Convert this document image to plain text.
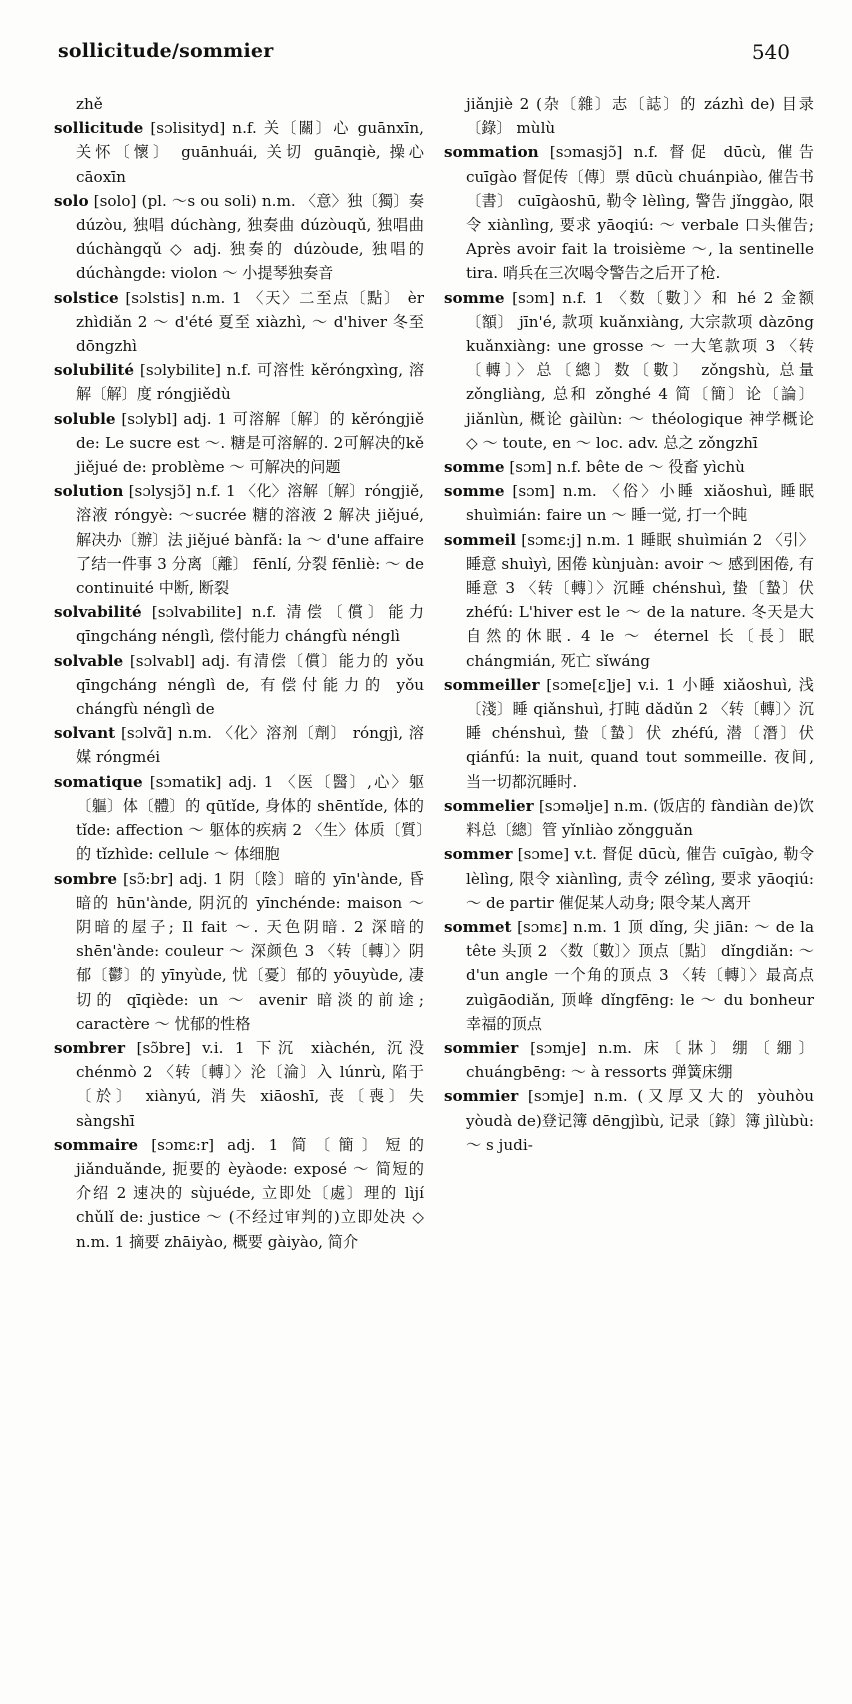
sollicitude/sommier	540

zhě

sollicitude [sɔlisityd] n.f. 关〔關〕心 guānxīn, 关怀〔懷〕 guānhuái, 关切 guānqiè, 操心 cāoxīn

solo [solo] (pl. ～s ou soli) n.m. 〈意〉独〔獨〕奏 dúzòu, 独唱 dúchàng, 独奏曲 dúzòuqǔ, 独唱曲 dúchàngqǔ ◇ adj. 独奏的 dúzòude, 独唱的 dúchàngde: violon ～ 小提琴独奏音

solstice [sɔlstis] n.m. 1 〈天〉二至点〔點〕 èr zhìdiǎn 2 ～ d'été 夏至 xiàzhì, ～ d'hiver 冬至 dōngzhì

solubilité [sɔlybilite] n.f. 可溶性 kěróngxìng, 溶解〔解〕度 róngjiědù

soluble [sɔlybl] adj. 1 可溶解〔解〕的 kěróngjiě de: Le sucre est ～. 糖是可溶解的. 2可解决的kě jiějué de: problème ～ 可解决的问题

solution [sɔlysjɔ̃] n.f. 1 〈化〉溶解〔解〕róngjiě, 溶液 róngyè: ～sucrée 糖的溶液 2 解决 jiějué, 解决办〔辦〕法 jiějué bànfǎ: la ～ d'une affaire 了结一件事 3 分离〔離〕 fēnlí, 分裂 fēnliè: ～ de continuité 中断, 断裂

solvabilité [sɔlvabilite] n.f. 清偿〔償〕能力 qīngcháng nénglì, 偿付能力 chángfù nénglì

solvable [sɔlvabl] adj. 有清偿〔償〕能力的 yǒu qīngcháng nénglì de, 有偿付能力的 yǒu chángfù nénglì de

solvant [sɔlvɑ̃] n.m. 〈化〉溶剂〔劑〕 róngjì, 溶媒 róngméi

somatique [sɔmatik] adj. 1 〈医〔醫〕,心〉躯〔軀〕体〔體〕的 qūtǐde, 身体的 shēntǐde, 体的 tǐde: affection ～ 躯体的疾病 2 〈生〉体质〔質〕的 tǐzhìde: cellule ～ 体细胞

sombre [sɔ̃:br] adj. 1 阴〔陰〕暗的 yīn'ànde, 昏暗的 hūn'ànde, 阴沉的 yīnchénde: maison ～ 阴暗的屋子; Il fait ～. 天色阴暗. 2 深暗的 shēn'ànde: couleur ～ 深颜色 3 〈转〔轉〕〉阴郁〔鬱〕的 yīnyùde, 忧〔憂〕郁的 yōuyùde, 凄切的 qīqiède: un ～ avenir 暗淡的前途; caractère ～ 忧郁的性格

sombrer [sɔ̃bre] v.i. 1 下沉 xiàchén, 沉没 chénmò 2 〈转〔轉〕〉沦〔淪〕入 lúnrù, 陷于〔於〕 xiànyú, 消失 xiāoshī, 丧〔喪〕失 sàngshī

sommaire [sɔmɛ:r] adj. 1 简〔簡〕短的 jiǎnduǎnde, 扼要的 èyàode: exposé ～ 简短的介绍 2 速决的 sùjuéde, 立即处〔處〕理的 lìjí chǔlǐ de: justice ～ (不经过审判的)立即处决 ◇ n.m. 1 摘要 zhāiyào, 概要 gàiyào, 简介

jiǎnjiè 2 (杂〔雜〕志〔誌〕的 zázhì de) 目录〔錄〕 mùlù

sommation [sɔmasjɔ̃] n.f. 督促 dūcù, 催告 cuīgào 督促传〔傳〕票 dūcù chuánpiào, 催告书〔書〕 cuīgàoshū, 勒令 lèlìng, 警告 jǐnggào, 限令 xiànlìng, 要求 yāoqiú: ～ verbale 口头催告; Après avoir fait la troisième ～, la sentinelle tira. 哨兵在三次喝令警告之后开了枪.

somme [sɔm] n.f. 1 〈数〔數〕〉和 hé 2 金额〔額〕 jīn'é, 款项 kuǎnxiàng, 大宗款项 dàzōng kuǎnxiàng: une grosse ～ 一大笔款项 3 〈转〔轉〕〉总〔總〕数〔數〕 zǒngshù, 总量 zǒngliàng, 总和 zǒnghé 4 简〔簡〕论〔論〕 jiǎnlùn, 概论 gàilùn: ～ théologique 神学概论 ◇ ～ toute, en ～ loc. adv. 总之 zǒngzhī

somme [sɔm] n.f. bête de ～ 役畜 yìchù

somme [sɔm] n.m. 〈俗〉小睡 xiǎoshuì, 睡眠 shuìmián: faire un ～ 睡一觉, 打一个盹

sommeil [sɔmɛ:j] n.m. 1 睡眠 shuìmián 2 〈引〉睡意 shuìyì, 困倦 kùnjuàn: avoir ～ 感到困倦, 有睡意 3 〈转〔轉〕〉沉睡 chénshuì, 蛰〔蟄〕伏 zhéfú: L'hiver est le ～ de la nature. 冬天是大自然的休眠. 4 le ～ éternel 长〔長〕眠 chángmián, 死亡 sǐwáng

sommeiller [sɔme[ɛ]je] v.i. 1 小睡 xiǎoshuì, 浅〔淺〕睡 qiǎnshuì, 打盹 dǎdǔn 2 〈转〔轉〕〉沉睡 chénshuì, 蛰〔蟄〕伏 zhéfú, 潜〔潛〕伏 qiánfú: la nuit, quand tout sommeille. 夜间, 当一切都沉睡时.

sommelier [sɔməlje] n.m. (饭店的 fàndiàn de)饮料总〔總〕管 yǐnliào zǒngguǎn

sommer [sɔme] v.t. 督促 dūcù, 催告 cuīgào, 勒令 lèlìng, 限令 xiànlìng, 责令 zélìng, 要求 yāoqiú: ～ de partir 催促某人动身; 限令某人离开

sommet [sɔmɛ] n.m. 1 顶 dǐng, 尖 jiān: ～ de la tête 头顶 2 〈数〔數〕〉顶点〔點〕 dǐngdiǎn: ～ d'un angle 一个角的顶点 3 〈转〔轉〕〉最高点 zuìgāodiǎn, 顶峰 dǐngfēng: le ～ du bonheur 幸福的顶点

sommier [sɔmje] n.m. 床〔牀〕绷〔綳〕chuángbēng: ～ à ressorts 弹簧床绷

sommier [sɔmje] n.m. (又厚又大的 yòuhòu yòudà de)登记簿 dēngjìbù, 记录〔錄〕簿 jìlùbù: ～ s judi-
